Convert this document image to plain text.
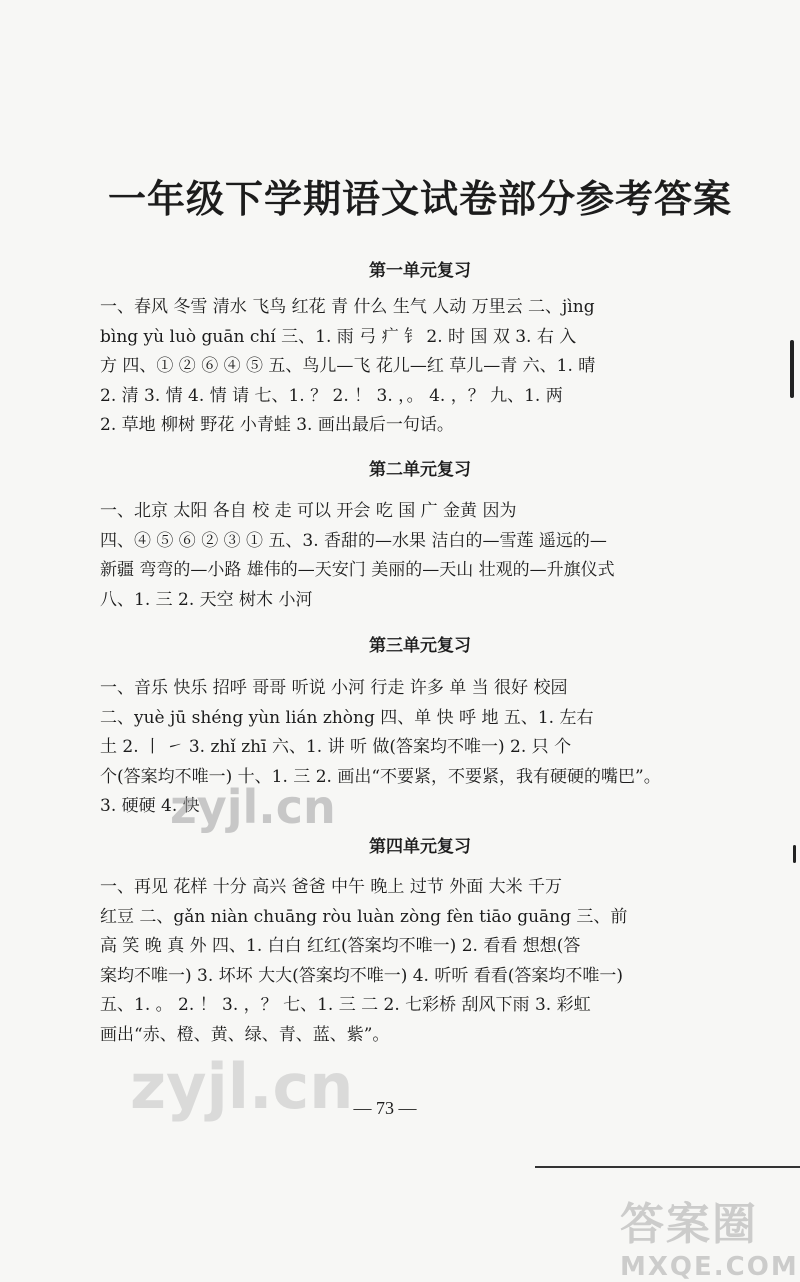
一年级下学期语文试卷部分参考答案
第一单元复习
一、春风 冬雪 清水 飞鸟 红花 青 什么 生气 人动 万里云 二、jìng
bìng yù luò guān chí 三、1. 雨 弓 疒 钅 2. 时 国 双 3. 右 入
方 四、① ② ⑥ ④ ⑤ 五、鸟儿—飞 花儿—红 草儿—青 六、1. 晴
2. 清 3. 情 4. 情 请 七、1. ？ 2. ！ 3. ，。 4. ，？ 九、1. 两
2. 草地 柳树 野花 小青蛙 3. 画出最后一句话。
第二单元复习
一、北京 太阳 各自 校 走 可以 开会 吃 国 广 金黄 因为
四、④ ⑤ ⑥ ② ③ ① 五、3. 香甜的—水果 洁白的—雪莲 遥远的—
新疆 弯弯的—小路 雄伟的—天安门 美丽的—天山 壮观的—升旗仪式
八、1. 三 2. 天空 树木 小河
第三单元复习
一、音乐 快乐 招呼 哥哥 听说 小河 行走 许多 单 当 很好 校园
二、yuè jū shéng yùn lián zhòng 四、单 快 呼 地 五、1. 左右
土 2. 丨 ㇀ 3. zhǐ zhī 六、1. 讲 听 做(答案均不唯一) 2. 只 个
个(答案均不唯一) 十、1. 三 2. 画出“不要紧，不要紧，我有硬硬的嘴巴”。
3. 硬硬 4. 快
第四单元复习
一、再见 花样 十分 高兴 爸爸 中午 晚上 过节 外面 大米 千万
红豆 二、gǎn niàn chuāng ròu luàn zòng fèn tiāo guāng 三、前
高 笑 晚 真 外 四、1. 白白 红红(答案均不唯一) 2. 看看 想想(答
案均不唯一) 3. 坏坏 大大(答案均不唯一) 4. 听听 看看(答案均不唯一)
五、1. 。 2. ！ 3. ，？ 七、1. 三 二 2. 七彩桥 刮风下雨 3. 彩虹
画出“赤、橙、黄、绿、青、蓝、紫”。
— 73 —
zyjl.cn
zyjl.cn
答案圈
MXQE.COM
